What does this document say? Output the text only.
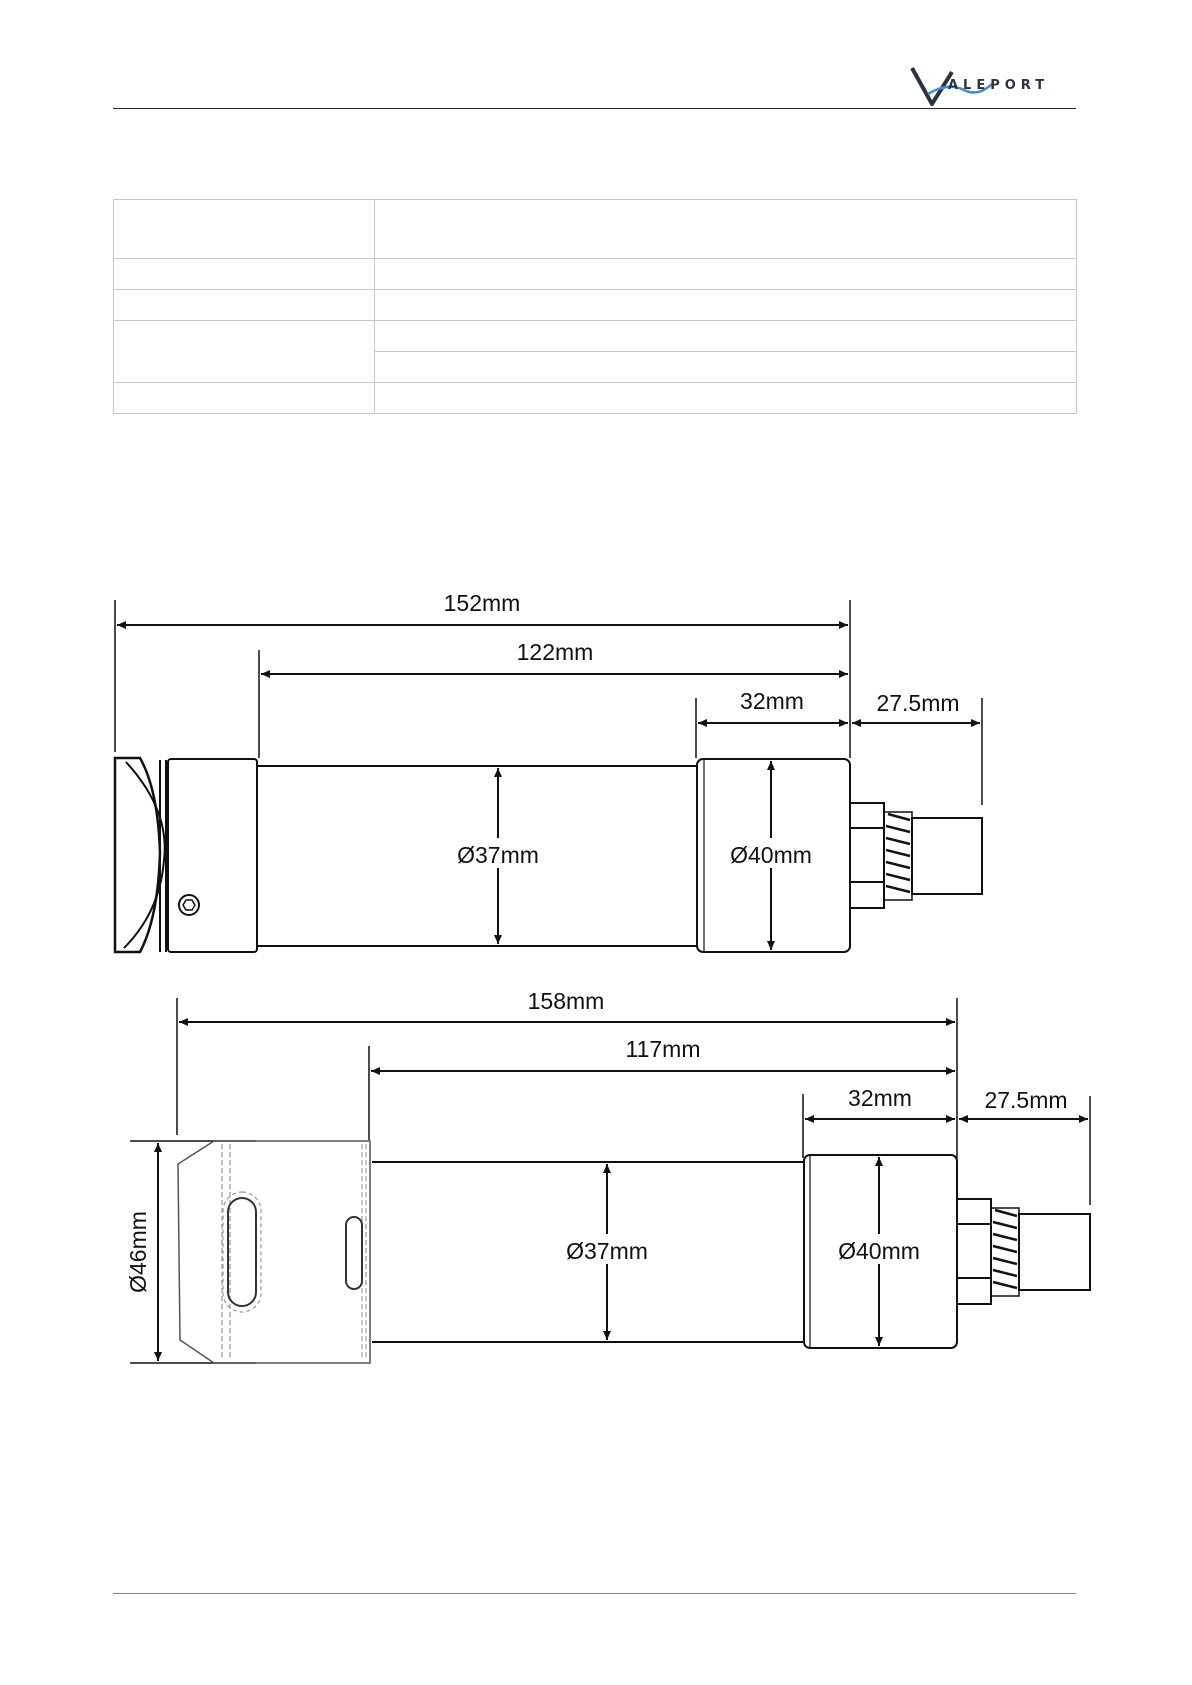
ALEPORT

152mm
122mm
32mm	27.5mm
Ø37mm	Ø40mm
158mm
117mm
32mm	27.5mm
Ø46mm	Ø37mm	Ø40mm
